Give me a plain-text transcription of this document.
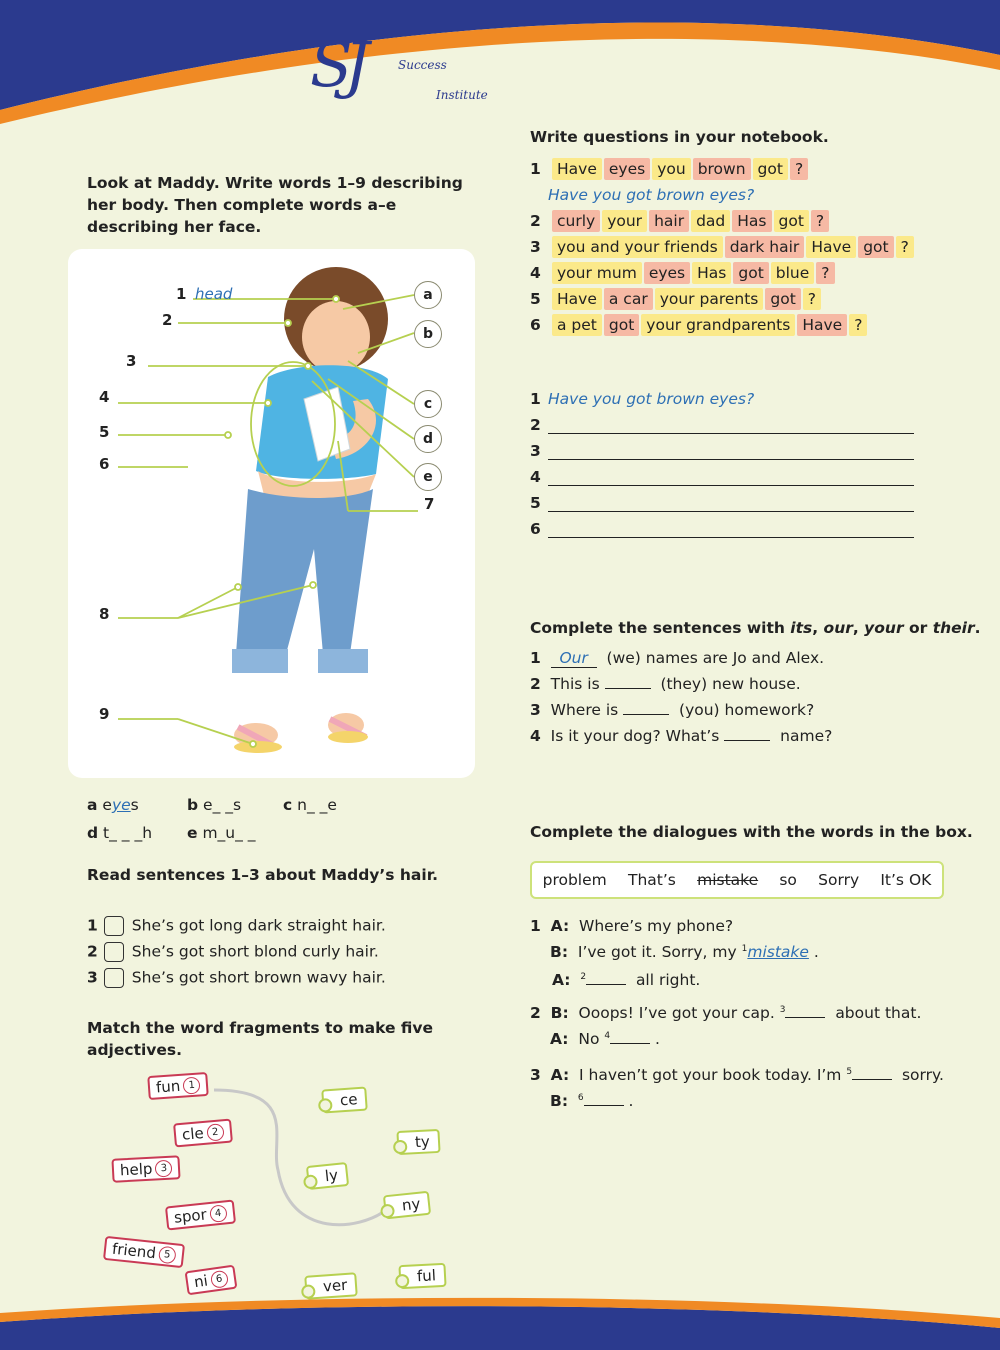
SJ	Success
Institute
Look at Maddy. Write words 1–9 describing her body. Then complete words a–e describing her face.
1 head
2
3
4
5
6
7
8
9
a
b
c
d
e
a eyes	b e_ _s	c n_ _e
d t_ _ _h e m_u_ _
Read sentences 1–3 about Maddy’s hair.
1 She’s got long dark straight hair.
2 She’s got short blond curly hair.
3 She’s got short brown wavy hair.
Match the word fragments to make five adjectives.
fun 1
cle 2
help 3
spor 4
friend 5
ni 6
ce
ty
ly
ny
ver
ful
Write questions in your notebook.
1	Have eyes you brown got ?
Have you got brown eyes?
2	curly your hair dad Has got ?
3	you and your friends dark hair Have got ?
4	your mum eyes Has got blue ?
5	Have a car your parents got ?
6	a pet got your grandparents Have ?
1 Have you got brown eyes?
2
3
4
5
6
Complete the sentences with its, our, your or their.
1 Our (we) names are Jo and Alex.
2 This is	(they) new house.
3 Where is	(you) homework?
4 Is it your dog? What’s	name?
Complete the dialogues with the words in the box.
problem That’s mistake so Sorry It’s OK
1 A: Where’s my phone?
B: I’ve got it. Sorry, my $^1$mistake .
A: $^2$	all right.
2 B: Ooops! I’ve got your cap. $^3$	about that.
A: No $^4$	.
3 A: I haven’t got your book today. I’m $^5$	sorry.
B: $^6$	.
